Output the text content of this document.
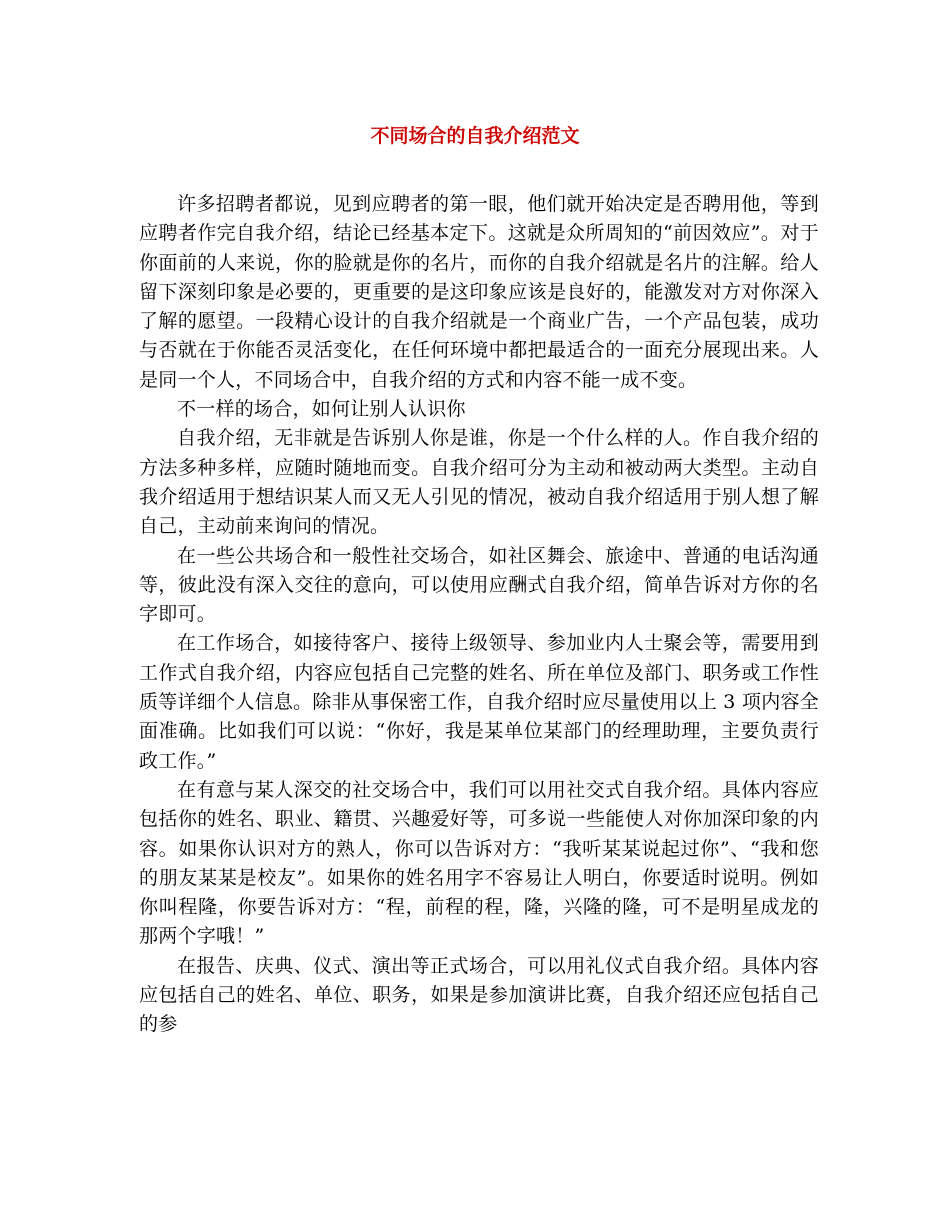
不同场合的自我介绍范文

许多招聘者都说，见到应聘者的第一眼，他们就开始决定是否聘用他，等到应聘者作完自我介绍，结论已经基本定下。这就是众所周知的“前因效应”。对于你面前的人来说，你的脸就是你的名片，而你的自我介绍就是名片的注解。给人留下深刻印象是必要的，更重要的是这印象应该是良好的，能激发对方对你深入了解的愿望。一段精心设计的自我介绍就是一个商业广告，一个产品包装，成功与否就在于你能否灵活变化，在任何环境中都把最适合的一面充分展现出来。人是同一个人，不同场合中，自我介绍的方式和内容不能一成不变。

不一样的场合，如何让别人认识你

自我介绍，无非就是告诉别人你是谁，你是一个什么样的人。作自我介绍的方法多种多样，应随时随地而变。自我介绍可分为主动和被动两大类型。主动自我介绍适用于想结识某人而又无人引见的情况，被动自我介绍适用于别人想了解自己，主动前来询问的情况。

在一些公共场合和一般性社交场合，如社区舞会、旅途中、普通的电话沟通等，彼此没有深入交往的意向，可以使用应酬式自我介绍，简单告诉对方你的名字即可。

在工作场合，如接待客户、接待上级领导、参加业内人士聚会等，需要用到工作式自我介绍，内容应包括自己完整的姓名、所在单位及部门、职务或工作性质等详细个人信息。除非从事保密工作，自我介绍时应尽量使用以上 3 项内容全面准确。比如我们可以说：“你好，我是某单位某部门的经理助理，主要负责行政工作。”

在有意与某人深交的社交场合中，我们可以用社交式自我介绍。具体内容应包括你的姓名、职业、籍贯、兴趣爱好等，可多说一些能使人对你加深印象的内容。如果你认识对方的熟人，你可以告诉对方：“我听某某说起过你”、“我和您的朋友某某是校友”。如果你的姓名用字不容易让人明白，你要适时说明。例如你叫程隆，你要告诉对方：“程，前程的程，隆，兴隆的隆，可不是明星成龙的那两个字哦！”

在报告、庆典、仪式、演出等正式场合，可以用礼仪式自我介绍。具体内容应包括自己的姓名、单位、职务，如果是参加演讲比赛，自我介绍还应包括自己的参
